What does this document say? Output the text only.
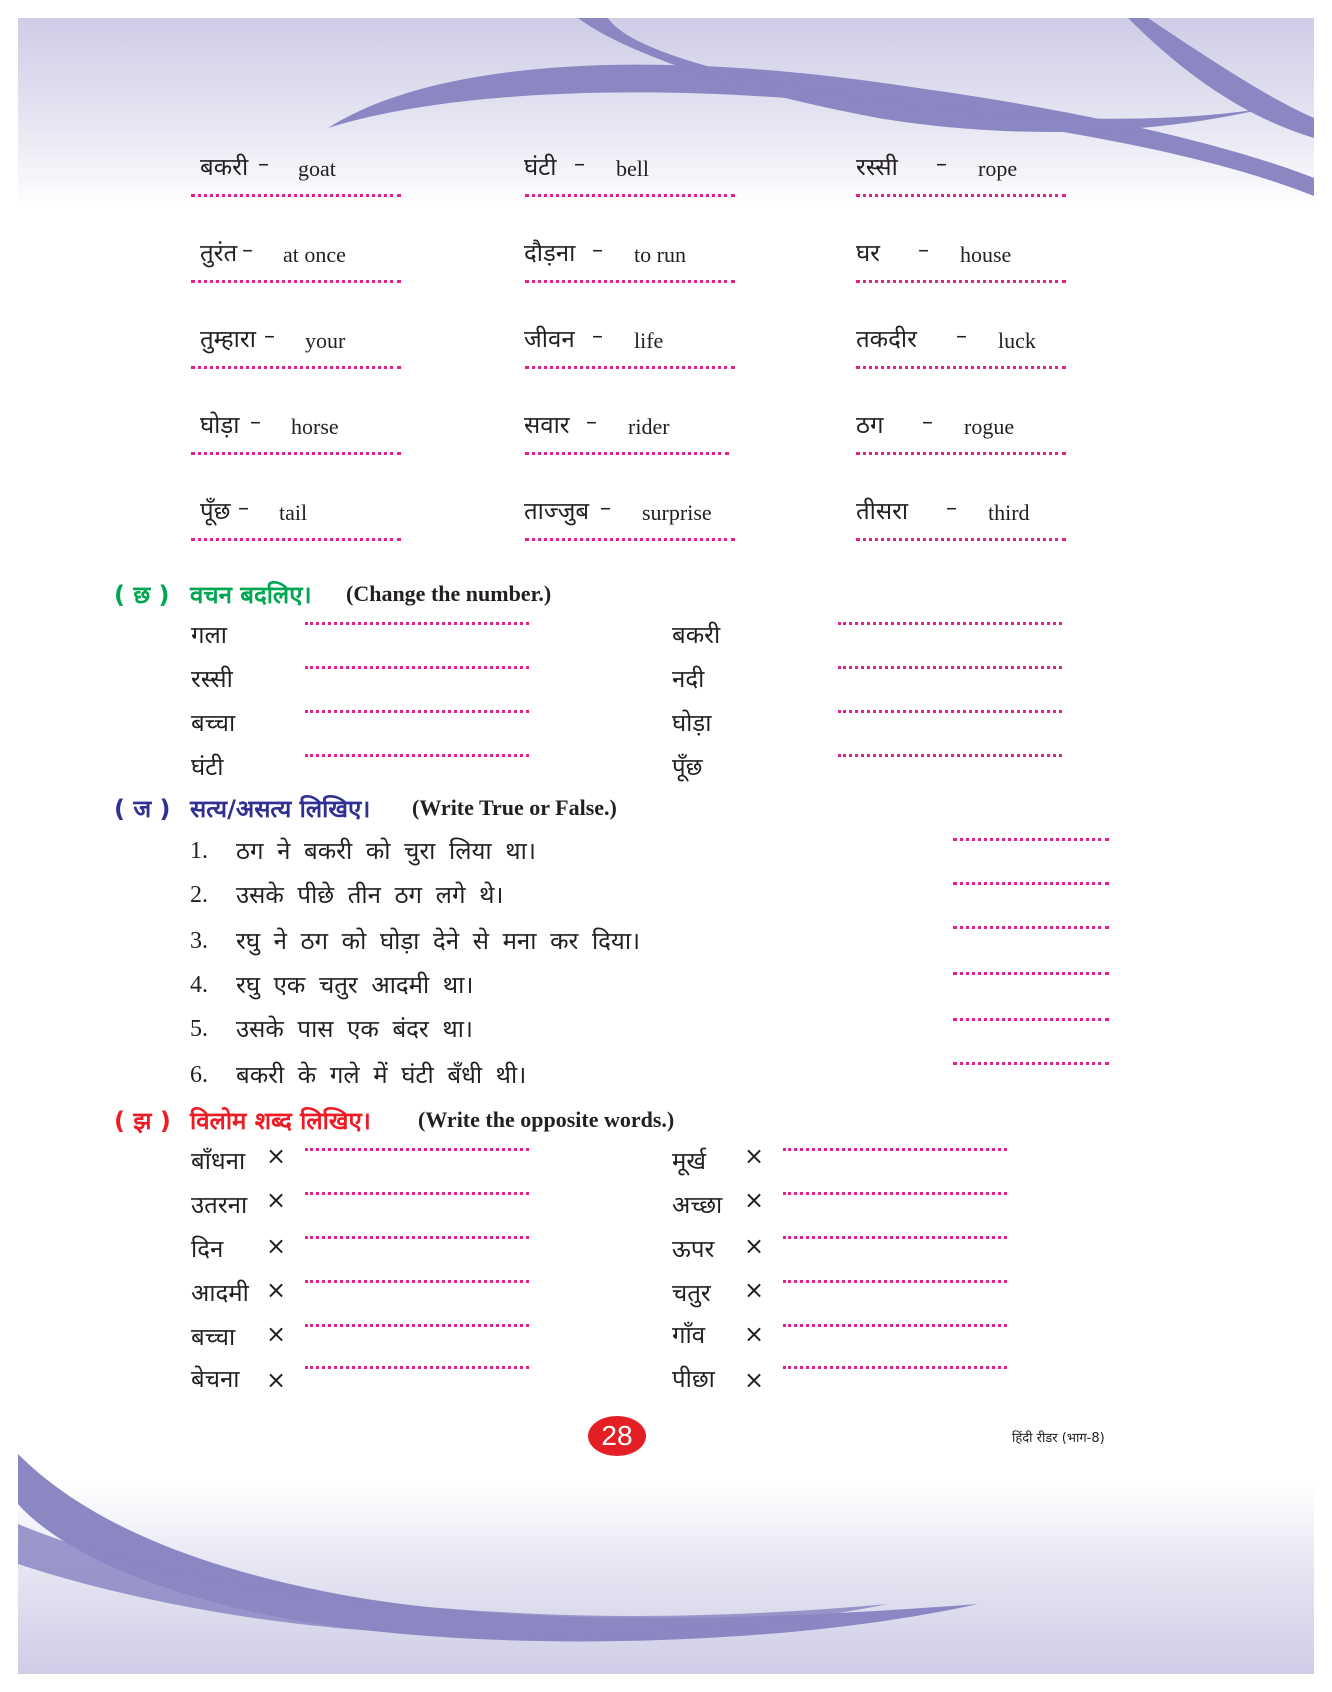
बकरी – goat	घंटी – bell	रस्सी – rope
तुरंत – at once	दौड़ना – to run	घर – house
तुम्हारा – your	जीवन – life	तकदीर – luck
घोड़ा – horse	सवार – rider	ठग – rogue
पूँछ – tail	ताज्जुब – surprise	तीसरा – third
( छ ) वचन बदलिए। (Change the number.)
गला
रस्सी
बच्चा
घंटी
बकरी
नदी
घोड़ा
पूँछ
( ज ) सत्य/असत्य लिखिए। (Write True or False.)
1. ठग ने बकरी को चुरा लिया था।
2. उसके पीछे तीन ठग लगे थे।
3. रघु ने ठग को घोड़ा देने से मना कर दिया।
4. रघु एक चतुर आदमी था।
5. उसके पास एक बंदर था।
6. बकरी के गले में घंटी बँधी थी।
( झ ) विलोम शब्द लिखिए। (Write the opposite words.)
बाँधना ×
उतरना ×
दिन ×
आदमी ×
बच्चा ×
बेचना ×
मूर्ख ×
अच्छा ×
ऊपर ×
चतुर ×
गाँव ×
पीछा ×
28	हिंदी रीडर (भाग-8)
